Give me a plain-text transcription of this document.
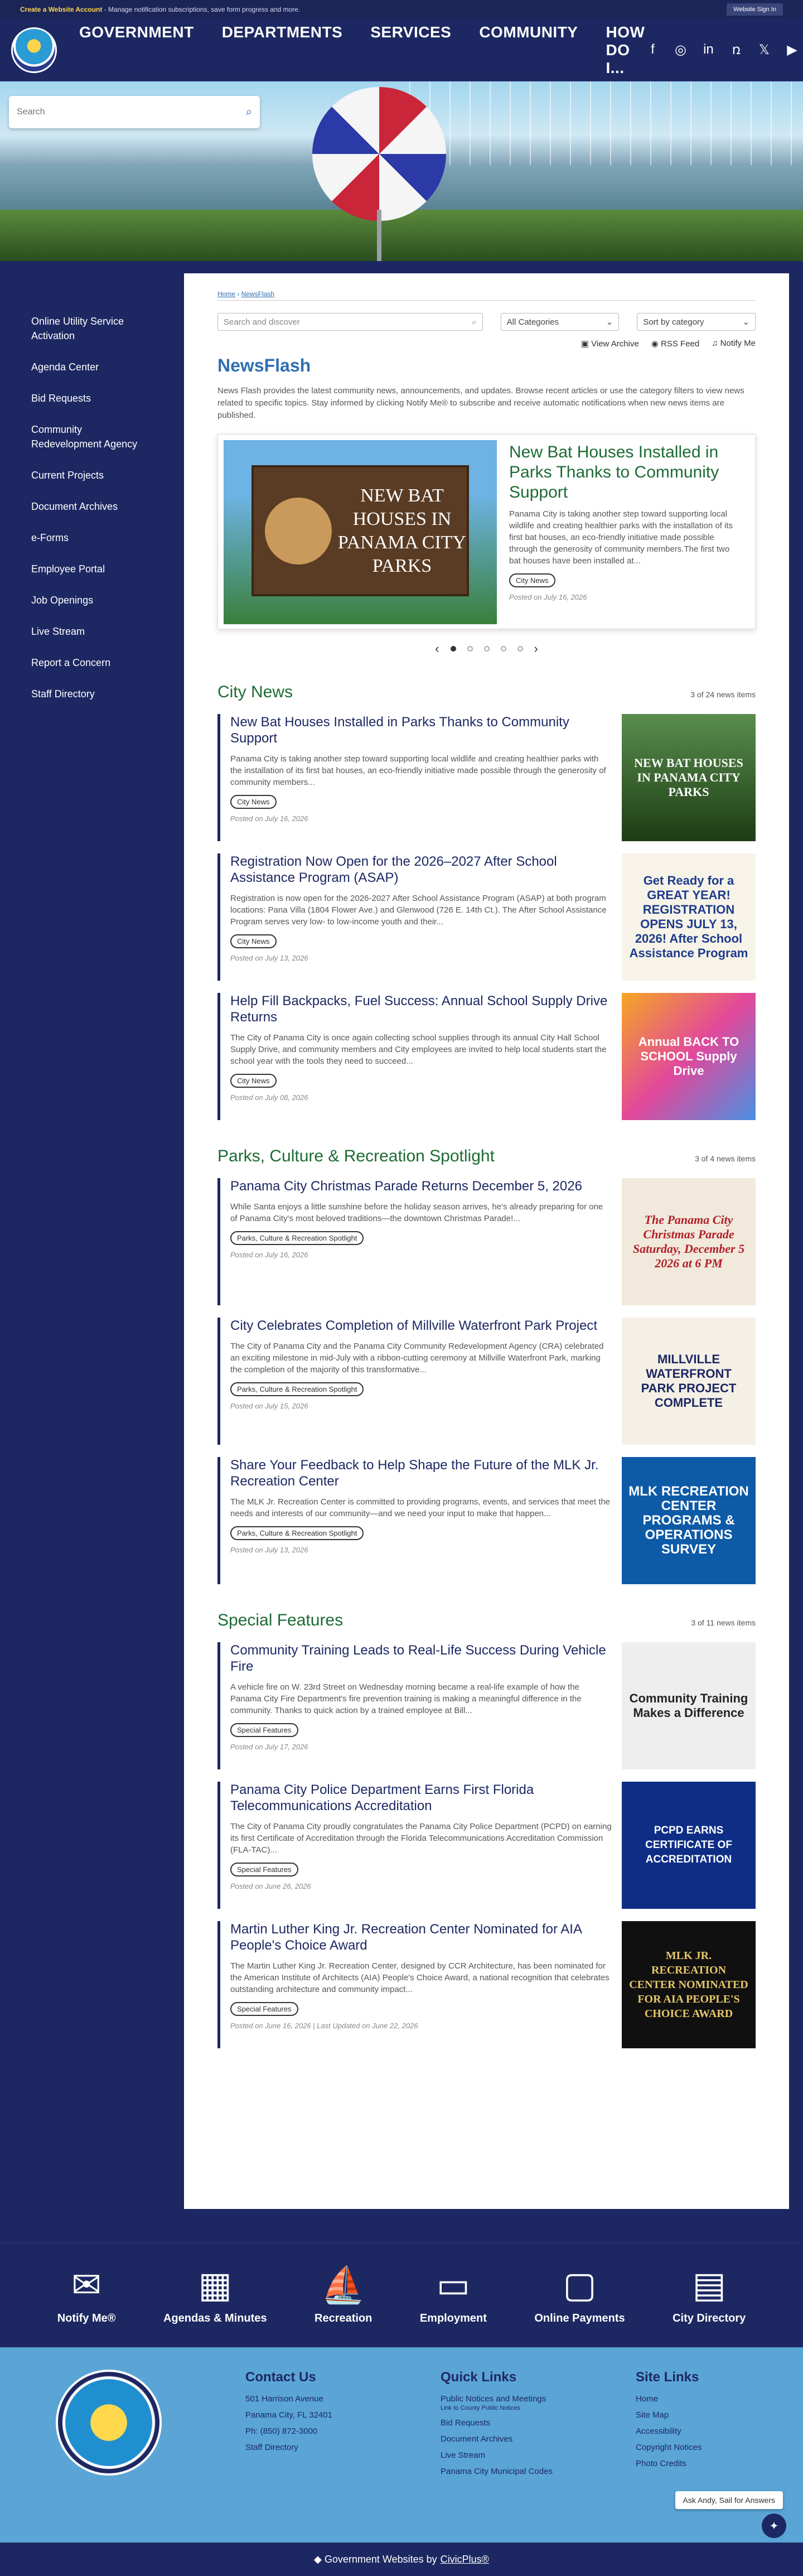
Create a Website Account - Manage notification subscriptions, save form progress and more.	Website Sign In
GOVERNMENT DEPARTMENTS SERVICES COMMUNITY HOW DO I...
f	◎ in ռ 𝕏 ▶
Search
⌕
Online Utility Service Activation
Agenda Center
Bid Requests
Community Redevelopment Agency
Current Projects
Document Archives
e-Forms
Employee Portal
Job Openings
Live Stream
Report a Concern
Staff Directory
Home › NewsFlash
Search and discover	⌕	All Categories	⌄	Sort by category	⌄
▣ View Archive ◉ RSS Feed ♫ Notify Me
NewsFlash

News Flash provides the latest community news, announcements, and updates. Browse recent articles or use the category filters to view news related to specific topics. Stay informed by clicking Notify Me® to subscribe and receive automatic notifications when new news items are published.

NEW BAT HOUSES IN PANAMA CITY PARKS
New Bat Houses Installed in Parks Thanks to Community Support

Panama City is taking another step toward supporting local wildlife and creating healthier parks with the installation of its first bat houses, an eco-friendly initiative made possible through the generosity of community members.The first two bat houses have been installed at...

City News
Posted on July 16, 2026
‹	›
City News	3 of 24 news items
New Bat Houses Installed in Parks Thanks to Community Support

Panama City is taking another step toward supporting local wildlife and creating healthier parks with the installation of its first bat houses, an eco-friendly initiative made possible through the generosity of community members...

City News
Posted on July 16, 2026
NEW BAT HOUSES IN PANAMA CITY PARKS
Registration Now Open for the 2026–2027 After School Assistance Program (ASAP)

Registration is now open for the 2026-2027 After School Assistance Program (ASAP) at both program locations: Pana Villa (1804 Flower Ave.) and Glenwood (726 E. 14th Ct.). The After School Assistance Program serves very low- to low-income youth and their...

City News
Posted on July 13, 2026
Get Ready for a GREAT YEAR! REGISTRATION OPENS JULY 13, 2026! After School Assistance Program
Help Fill Backpacks, Fuel Success: Annual School Supply Drive Returns

The City of Panama City is once again collecting school supplies through its annual City Hall School Supply Drive, and community members and City employees are invited to help local students start the school year with the tools they need to succeed...

City News
Posted on July 08, 2026
Annual BACK TO SCHOOL Supply Drive
Parks, Culture & Recreation Spotlight	3 of 4 news items
Panama City Christmas Parade Returns December 5, 2026

While Santa enjoys a little sunshine before the holiday season arrives, he's already preparing for one of Panama City's most beloved traditions—the downtown Christmas Parade!...

Parks, Culture & Recreation Spotlight
Posted on July 16, 2026
The Panama City Christmas Parade Saturday, December 5 2026 at 6 PM
City Celebrates Completion of Millville Waterfront Park Project

The City of Panama City and the Panama City Community Redevelopment Agency (CRA) celebrated an exciting milestone in mid-July with a ribbon-cutting ceremony at Millville Waterfront Park, marking the completion of the majority of this transformative...

Parks, Culture & Recreation Spotlight
Posted on July 15, 2026
MILLVILLE WATERFRONT PARK PROJECT COMPLETE
Share Your Feedback to Help Shape the Future of the MLK Jr. Recreation Center

The MLK Jr. Recreation Center is committed to providing programs, events, and services that meet the needs and interests of our community—and we need your input to make that happen...

Parks, Culture & Recreation Spotlight
Posted on July 13, 2026
MLK RECREATION CENTER PROGRAMS & OPERATIONS SURVEY
Special Features	3 of 11 news items
Community Training Leads to Real-Life Success During Vehicle Fire

A vehicle fire on W. 23rd Street on Wednesday morning became a real-life example of how the Panama City Fire Department's fire prevention training is making a meaningful difference in the community. Thanks to quick action by a trained employee at Bill...

Special Features
Posted on July 17, 2026
Community Training Makes a Difference
Panama City Police Department Earns First Florida Telecommunications Accreditation

The City of Panama City proudly congratulates the Panama City Police Department (PCPD) on earning its first Certificate of Accreditation through the Florida Telecommunications Accreditation Commission (FLA-TAC)...

Special Features
Posted on June 26, 2026
PCPD EARNS CERTIFICATE OF ACCREDITATION
Martin Luther King Jr. Recreation Center Nominated for AIA People's Choice Award

The Martin Luther King Jr. Recreation Center, designed by CCR Architecture, has been nominated for the American Institute of Architects (AIA) People's Choice Award, a national recognition that celebrates outstanding architecture and community impact...

Special Features
Posted on June 16, 2026 | Last Updated on June 22, 2026
MLK JR. RECREATION CENTER NOMINATED FOR AIA PEOPLE'S CHOICE AWARD
✉
Notify Me®
▦
Agendas & Minutes
⛵
Recreation
▭
Employment
▢
Online Payments
▤
City Directory
Contact Us
501 Harrison Avenue
Panama City, FL 32401
Ph: (850) 872-3000
Staff Directory
Quick Links
Public Notices and Meetings
Link to County Public Notices
Bid Requests
Document Archives
Live Stream
Panama City Municipal Codes
Site Links
Home
Site Map
Accessibility
Copyright Notices
Photo Credits
Ask Andy, Sail for Answers
✦
◆ Government Websites by CivicPlus®
